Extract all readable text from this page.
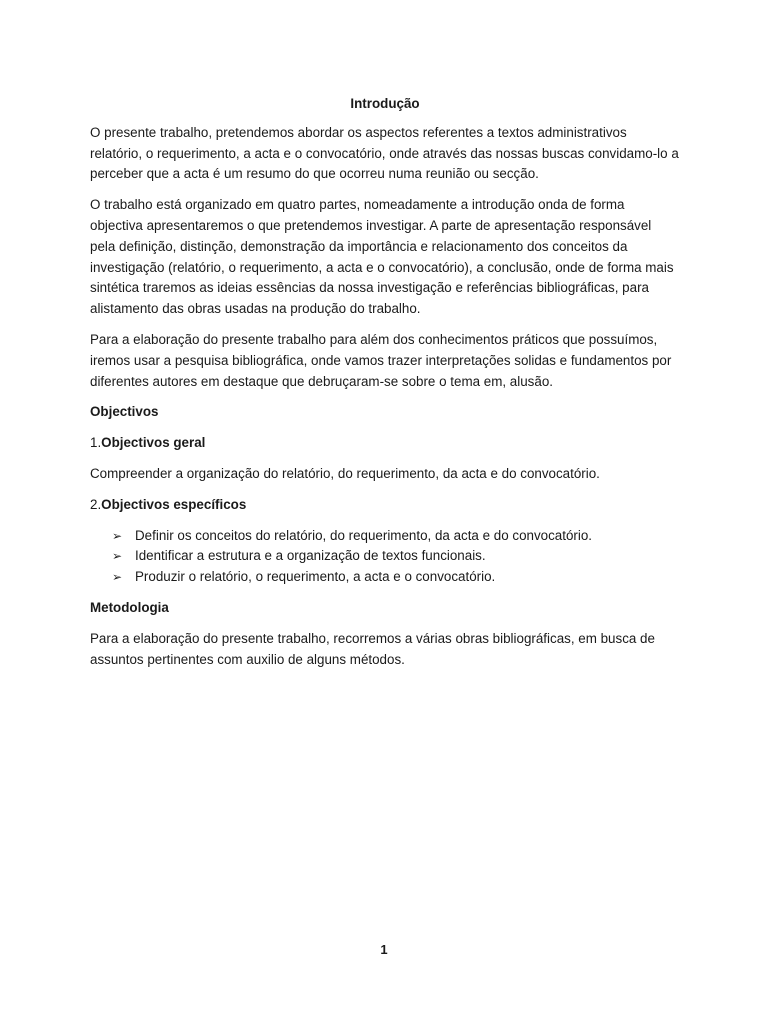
Introdução

O presente trabalho, pretendemos abordar os aspectos referentes a textos administrativos relatório, o requerimento, a acta e o convocatório, onde através das nossas buscas convidamo-lo a perceber que a acta é um resumo do que ocorreu numa reunião ou secção.

O trabalho está organizado em quatro partes, nomeadamente a introdução onda de forma objectiva apresentaremos o que pretendemos investigar. A parte de apresentação responsável pela definição, distinção, demonstração da importância e relacionamento dos conceitos da investigação (relatório, o requerimento, a acta e o convocatório), a conclusão, onde de forma mais sintética traremos as ideias essências da nossa investigação e referências bibliográficas, para alistamento das obras usadas na produção do trabalho.

Para a elaboração do presente trabalho para além dos conhecimentos práticos que possuímos, iremos usar a pesquisa bibliográfica, onde vamos trazer interpretações solidas e fundamentos por diferentes autores em destaque que debruçaram-se sobre o tema em, alusão.

Objectivos
1.Objectivos geral

Compreender a organização do relatório, do requerimento, da acta e do convocatório.

2.Objectivos específicos
➢ Definir os conceitos do relatório, do requerimento, da acta e do convocatório.
➢ Identificar a estrutura e a organização de textos funcionais.
➢ Produzir o relatório, o requerimento, a acta e o convocatório.
Metodologia

Para a elaboração do presente trabalho, recorremos a várias obras bibliográficas, em busca de assuntos pertinentes com auxilio de alguns métodos.

1
